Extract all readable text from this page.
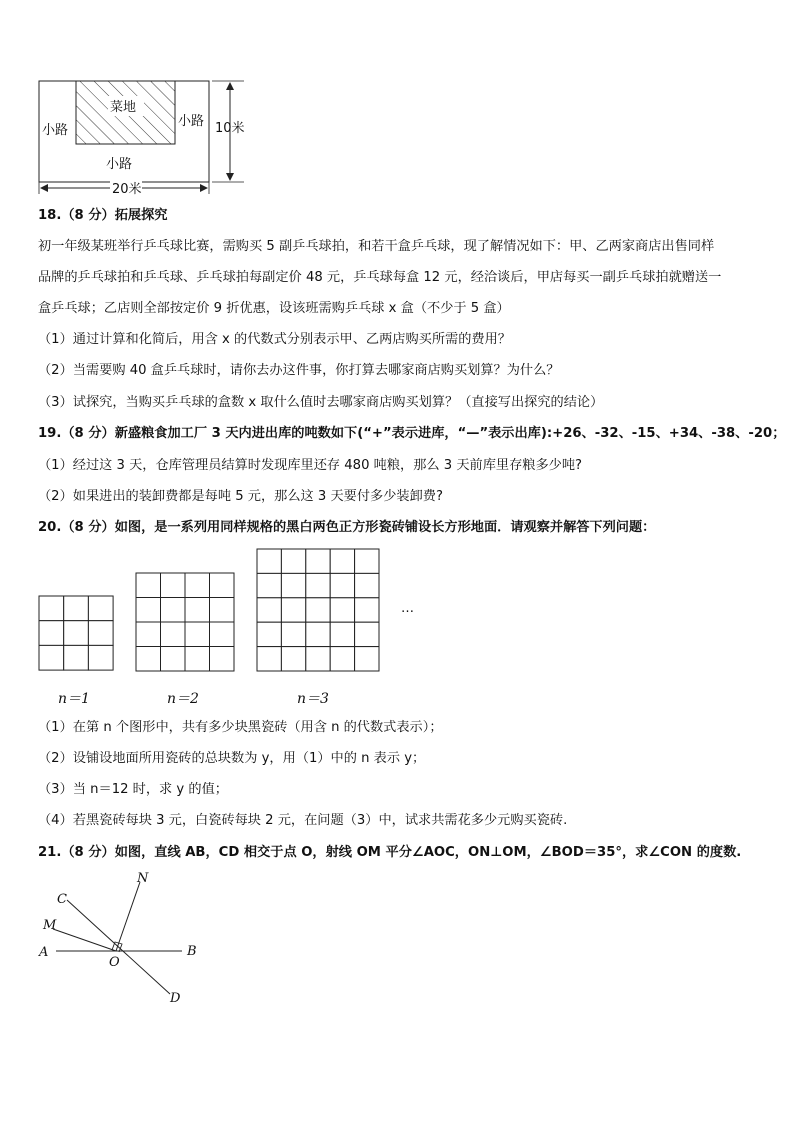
菜地
小路
小路
小路
10米
20米
18.（8 分）拓展探究
初一年级某班举行乒乓球比赛，需购买 5 副乒乓球拍，和若干盒乒乓球，现了解情况如下：甲、乙两家商店出售同样
品牌的乒乓球拍和乒乓球、乒乓球拍每副定价 48 元，乒乓球每盒 12 元，经洽谈后，甲店每买一副乒乓球拍就赠送一
盒乒乓球；乙店则全部按定价 9 折优惠，设该班需购乒乓球 x 盒（不少于 5 盒）
（1）通过计算和化简后，用含 x 的代数式分别表示甲、乙两店购买所需的费用？
（2）当需要购 40 盒乒乓球时，请你去办这件事，你打算去哪家商店购买划算？为什么？
（3）试探究，当购买乒乓球的盒数 x 取什么值时去哪家商店购买划算？（直接写出探究的结论）
19.（8 分）新盛粮食加工厂 3 天内进出库的吨数如下(“+”表示进库，“—”表示出库):+26、-32、-15、+34、-38、-20；
（1）经过这 3 天，仓库管理员结算时发现库里还存 480 吨粮，那么 3 天前库里存粮多少吨?
（2）如果进出的装卸费都是每吨 5 元，那么这 3 天要付多少装卸费?
20.（8 分）如图，是一系列用同样规格的黑白两色正方形瓷砖铺设长方形地面．请观察并解答下列问题：
…
n＝1	n＝2	n＝3
（1）在第 n 个图形中，共有多少块黑瓷砖（用含 n 的代数式表示）；
（2）设铺设地面所用瓷砖的总块数为 y，用（1）中的 n 表示 y；
（3）当 n＝12 时，求 y 的值；
（4）若黑瓷砖每块 3 元，白瓷砖每块 2 元，在问题（3）中，试求共需花多少元购买瓷砖.
21.（8 分）如图，直线 AB，CD 相交于点 O，射线 OM 平分∠AOC，ON⊥OM，∠BOD＝35°，求∠CON 的度数.
A	B
C
D
M
N
O
